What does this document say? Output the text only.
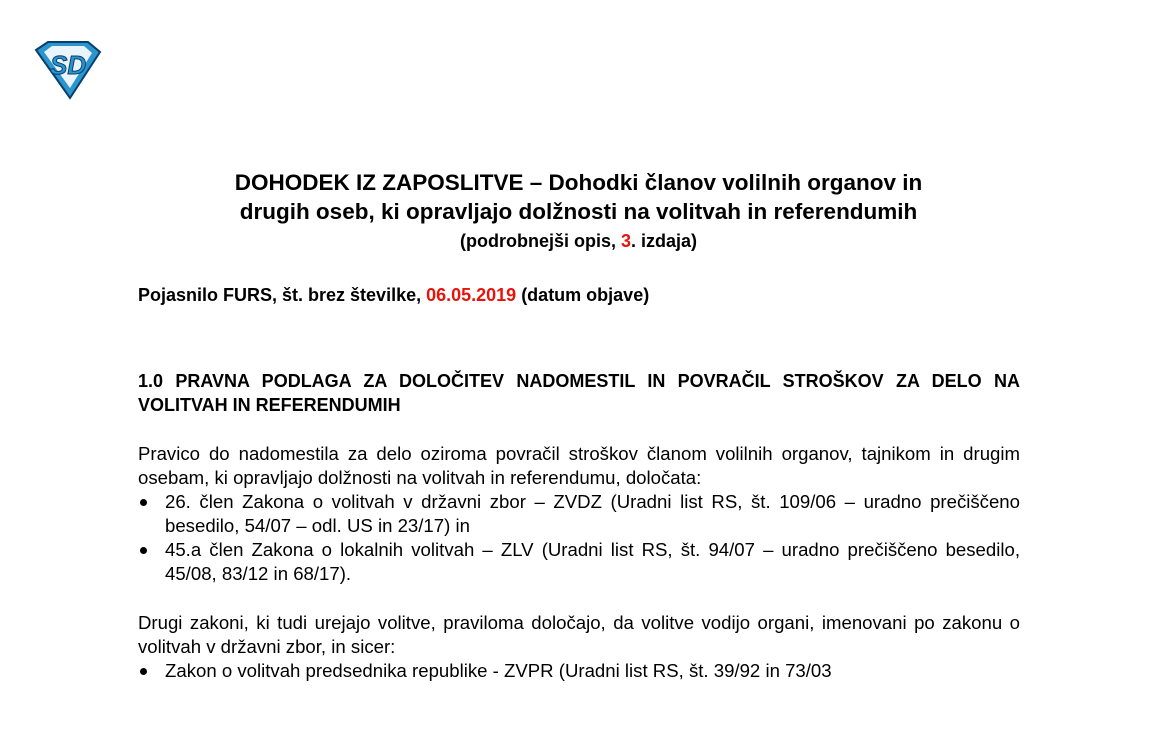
SD

DOHODEK IZ ZAPOSLITVE – Dohodki članov volilnih organov in
drugih oseb, ki opravljajo dolžnosti na volitvah in referendumih

(podrobnejši opis, 3. izdaja)

Pojasnilo FURS, št. brez številke, 06.05.2019 (datum objave)

1.0 PRAVNA PODLAGA ZA DOLOČITEV NADOMESTIL IN POVRAČIL STROŠKOV ZA DELO NA VOLITVAH IN REFERENDUMIH

Pravico do nadomestila za delo oziroma povračil stroškov članom volilnih organov, tajnikom in drugim osebam, ki opravljajo dolžnosti na volitvah in referendumu, določata:

26. člen Zakona o volitvah v državni zbor – ZVDZ (Uradni list RS, št. 109/06 – uradno prečiščeno besedilo, 54/07 – odl. US in 23/17) in
45.a člen Zakona o lokalnih volitvah – ZLV (Uradni list RS, št. 94/07 – uradno prečiščeno besedilo, 45/08, 83/12 in 68/17).

Drugi zakoni, ki tudi urejajo volitve, praviloma določajo, da volitve vodijo organi, imenovani po zakonu o volitvah v državni zbor, in sicer:

Zakon o volitvah predsednika republike - ZVPR (Uradni list RS, št. 39/92 in 73/03
